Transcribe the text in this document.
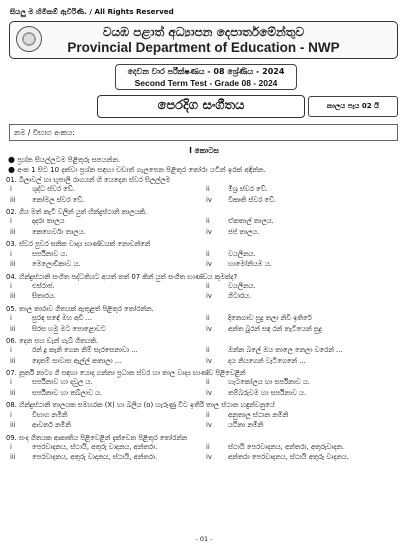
සියලු ම හිමිකම් ඇවිරිණි. / All Rights Reserved
වයඹ පළාත් අධ්‍යාපන දෙපාර්තමේන්තුව
Provincial Department of Education - NWP
දෙවන වාර පරීක්ෂණය - 08 ශ්‍රේණිය - 2024
Second Term Test - Grade 08 - 2024
පෙරදිග සංගීතය	කාලය පැය 02 යි
නම / විභාග අංකය:
I කොටස
● ප්‍රශ්න සියල්ලටම පිළිතුරු සපයන්න.
● අංක 1 සිට 10 දක්වා ප්‍රශ්න සඳහා වඩාත් ගැලපෙන පිළිතුර තෝරා යටින් ඉරක් අඳින්න.
01. බිලාවල් හා භූපාලි රාගයන් හි යෙදෙන ස්වර සිලල්ලම
i	ශුද්ධ ස්වර වේ.	ii	මිශ්‍ර ස්වර වේ.
iii කෝමල ස්වර වේ.	iv විකෘති ස්වර වේ.
02. ගීය මත් කැටි වලින් යුත් හින්දුස්ථානි තාලයකි.
i	දාදරා තාලය	ii	ඒකතාල් තාලය.
iii කෙහෙර්වා තාලය.	iv ජප් තාලය.
03. ස්වර පුවර ඝනික වාද්‍ය භාණ්ඩයක් නොවන්නේ
i	සර්පිනාව ය.	ii	වයලීනය.
iii මෙලොඩිකාව ය.	iv හාමෝනියම ය.
04. හින්දුස්ථානි සංගීත පද්ධතියට අයත් තත් 07 කින් යුත් සංගීත භාණ්ඩය කුමක්ද?
i	එස්රාජ.	ii	වයලීනය.
iii සිතාරය.	iv ගිටාරය.
05. තාල තාරාව ගීතයක් ඇතුළත් පිළිතුර තෝරන්න.
i	සුරඳ සඳේ මහ අඩි ...	ii	දිනෙගාඩ සුදු තලා නිවී ඉතිරේ
iii සිරස හමු මට පොළොවට	iv අන්ත බුරන් සඳ රන් තැටියෙන් සුදු
06. දෙන සහ ඩැන් ගැබ් ගීතයකි.
i	රන් දූ කැනි ගෙන නිම් සැරසෙනාවා ...	ii	ඔන්න බලේ ඔය තාලෙ නෙලා වරෙන් ...
iii දොතම් සාවාස ඇල්ල් කතාලා ...	iv දය නියගෙන් වැටිගෙනේ ...
07. නූර්ති නාට්‍ය ගී සඳහා යොදා ගන්නා ප්‍රධාන ස්වර හා තාල වාද්‍ය භාණ්ඩ පිළිවෙළින්
i	සර්පිනාව හා දවුල ය.	ii	හැටකෝලය හා සර්පිනාව ය.
iii සර්පිනාව හා තබ්ලාව ය.	iv තම්බරුවම හා සර්පිනාව ය.
08. හින්දුස්ථානි තාලයක සමහරක (X) හා බලිය (o) හැරුණු විට ඉතිරි තාල ස්ථාන හඳුන්වනුයේ
i	විභාග නමිනි	ii	අනුතාල ස්ථාන නමිනි
iii ආවර්ත නමිනි	iv යථිනා නමිනි
09. සංද ගීතයක ආකෘතිය පිළිවෙළින් දැක්වෙන පිළිතුර තෝරන්න
i	පෙරවාදනය, ස්ථායි, අතුරු වාදනය, අන්තරා.	ii	ස්ථායි පෙරවාදනය, අන්තරා, අතුරුවාදන.
iii පෙරවාදනය, අතුරු වාදනය, ස්ථායි, අන්තරා.	iv අන්තරා පෙරවාදනය, ස්ථායි අතුරු වාදනය.
- 01 -
